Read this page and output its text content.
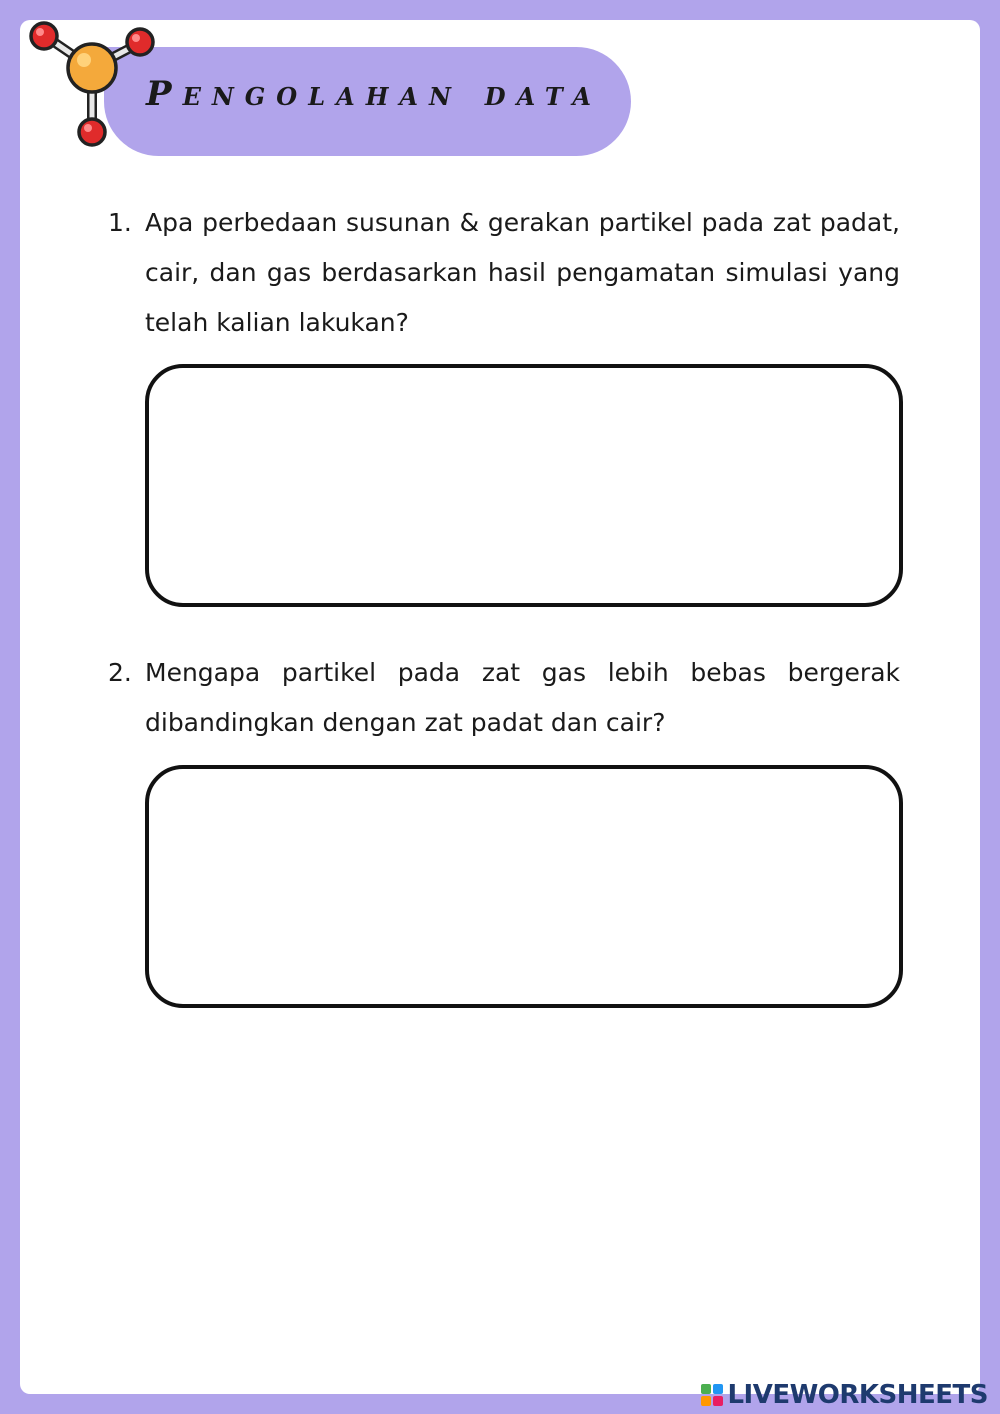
Pengolahan data
1. Apa perbedaan susunan & gerakan partikel pada zat padat, cair, dan gas berdasarkan hasil pengamatan simulasi yang telah kalian lakukan?
2. Mengapa partikel pada zat gas lebih bebas bergerak dibandingkan dengan zat padat dan cair?
LIVEWORKSHEETS
